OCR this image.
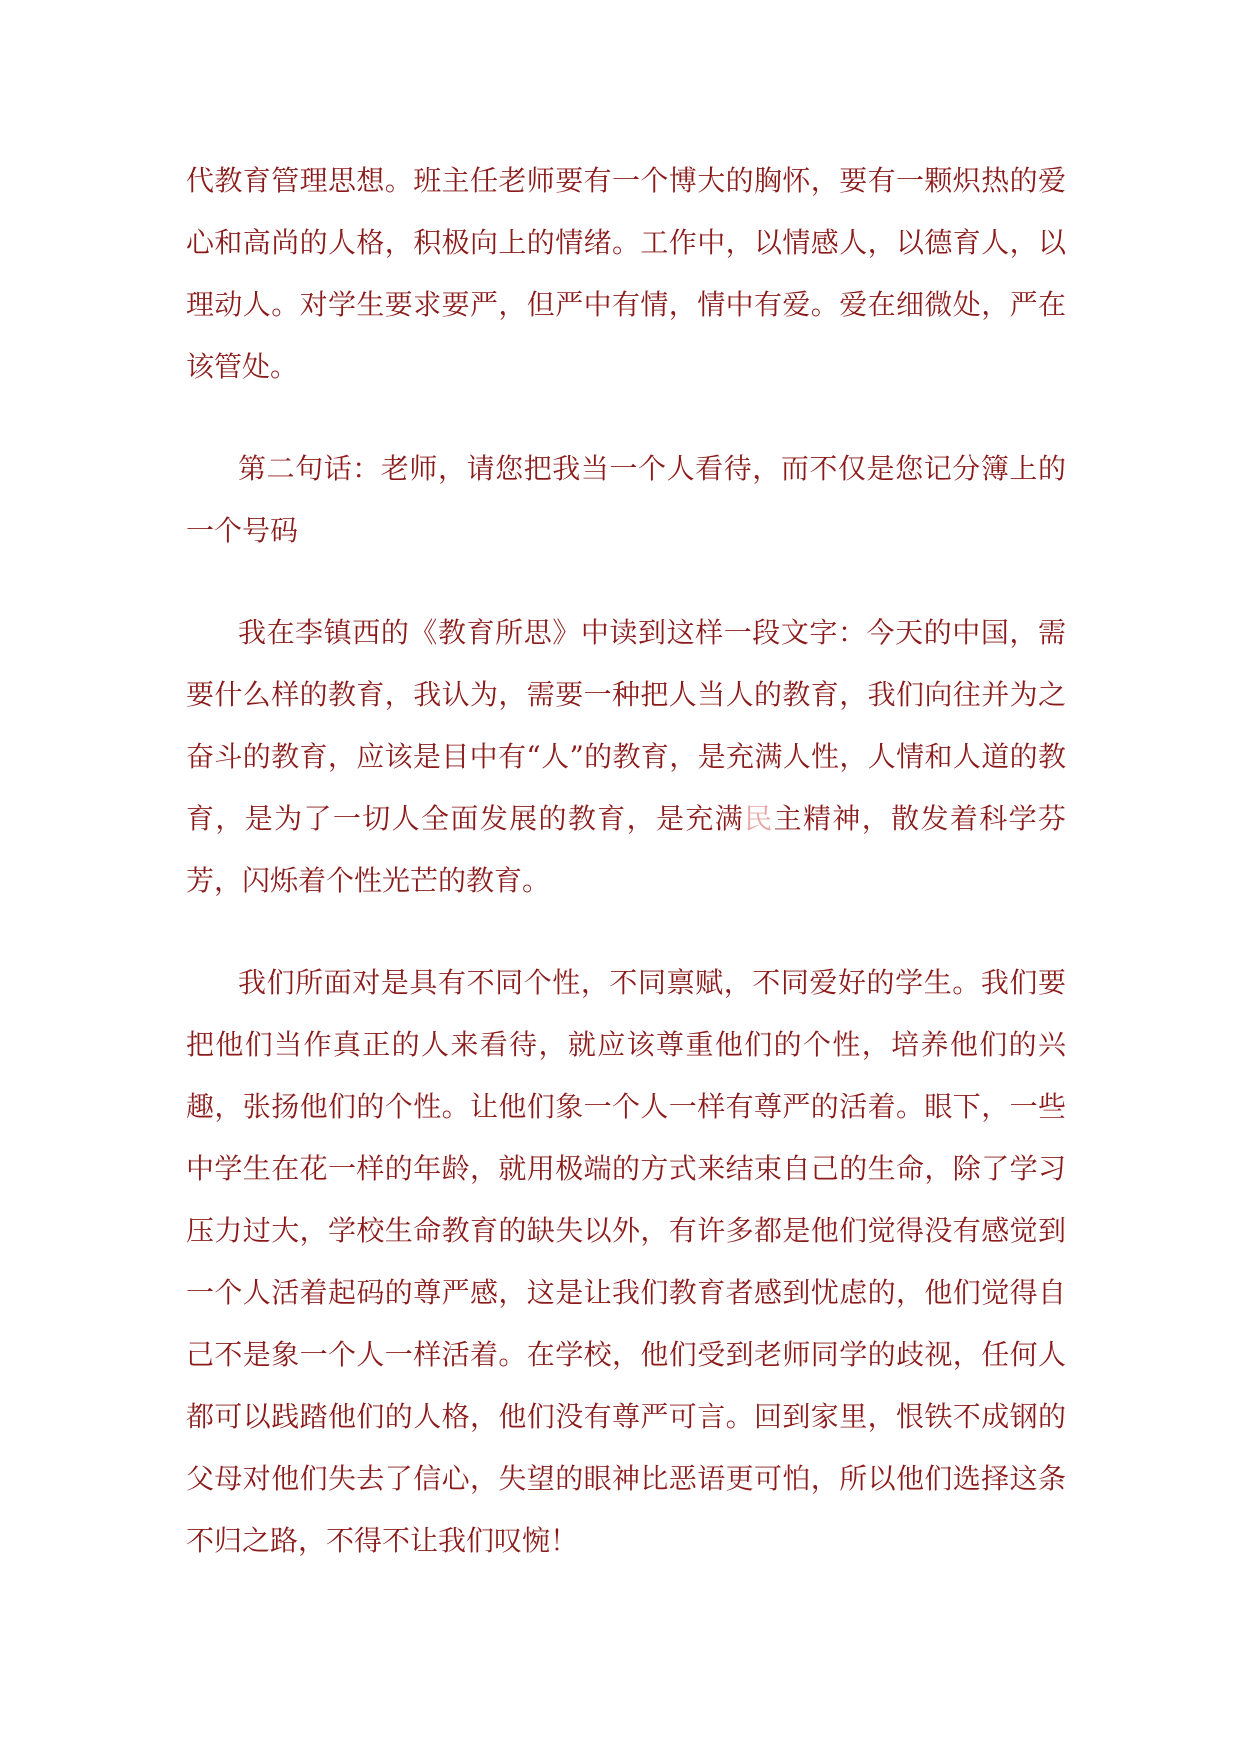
代教育管理思想。班主任老师要有一个博大的胸怀，要有一颗炽热的爱心和高尚的人格，积极向上的情绪。工作中，以情感人，以德育人，以理动人。对学生要求要严，但严中有情，情中有爱。爱在细微处，严在该管处。

第二句话：老师，请您把我当一个人看待，而不仅是您记分簿上的一个号码

我在李镇西的《教育所思》中读到这样一段文字：今天的中国，需要什么样的教育，我认为，需要一种把人当人的教育，我们向往并为之奋斗的教育，应该是目中有“人”的教育，是充满人性，人情和人道的教育，是为了一切人全面发展的教育，是充满民主精神，散发着科学芬芳，闪烁着个性光芒的教育。

我们所面对是具有不同个性，不同禀赋，不同爱好的学生。我们要把他们当作真正的人来看待，就应该尊重他们的个性，培养他们的兴趣，张扬他们的个性。让他们象一个人一样有尊严的活着。眼下，一些中学生在花一样的年龄，就用极端的方式来结束自己的生命，除了学习压力过大，学校生命教育的缺失以外，有许多都是他们觉得没有感觉到一个人活着起码的尊严感，这是让我们教育者感到忧虑的，他们觉得自己不是象一个人一样活着。在学校，他们受到老师同学的歧视，任何人都可以践踏他们的人格，他们没有尊严可言。回到家里，恨铁不成钢的父母对他们失去了信心，失望的眼神比恶语更可怕，所以他们选择这条不归之路，不得不让我们叹惋！
